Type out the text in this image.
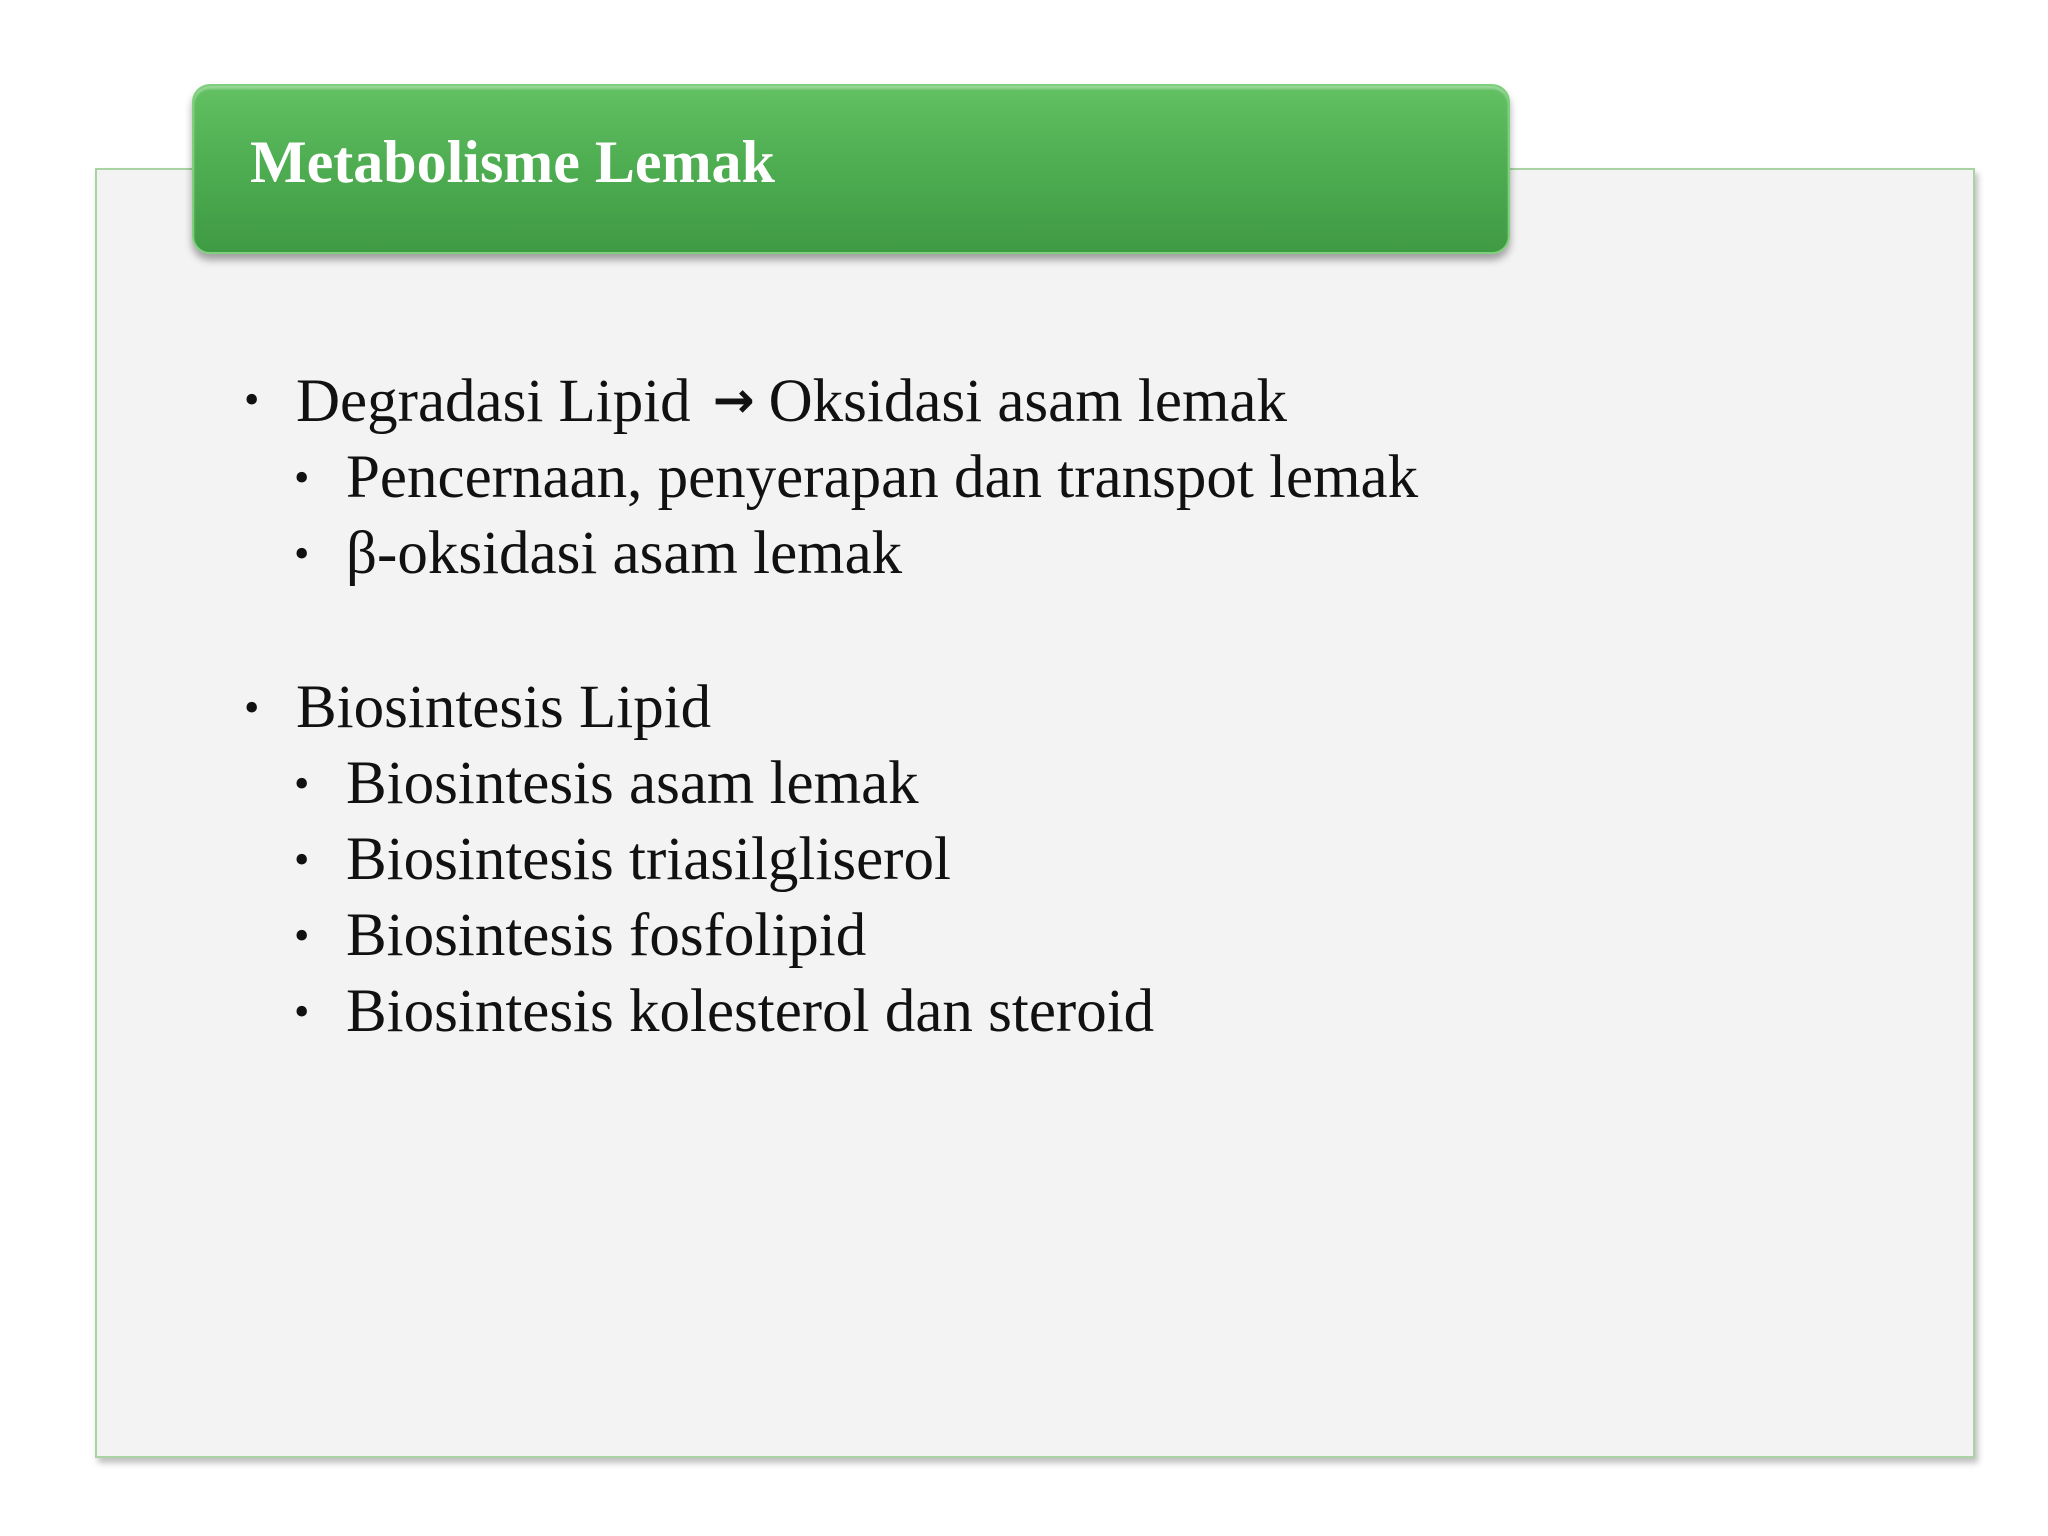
Metabolisme Lemak
• Degradasi Lipid → Oksidasi asam lemak
• Pencernaan, penyerapan dan transpot lemak
• β-oksidasi asam lemak
• Biosintesis Lipid
• Biosintesis asam lemak
• Biosintesis triasilgliserol
• Biosintesis fosfolipid
• Biosintesis kolesterol dan steroid
